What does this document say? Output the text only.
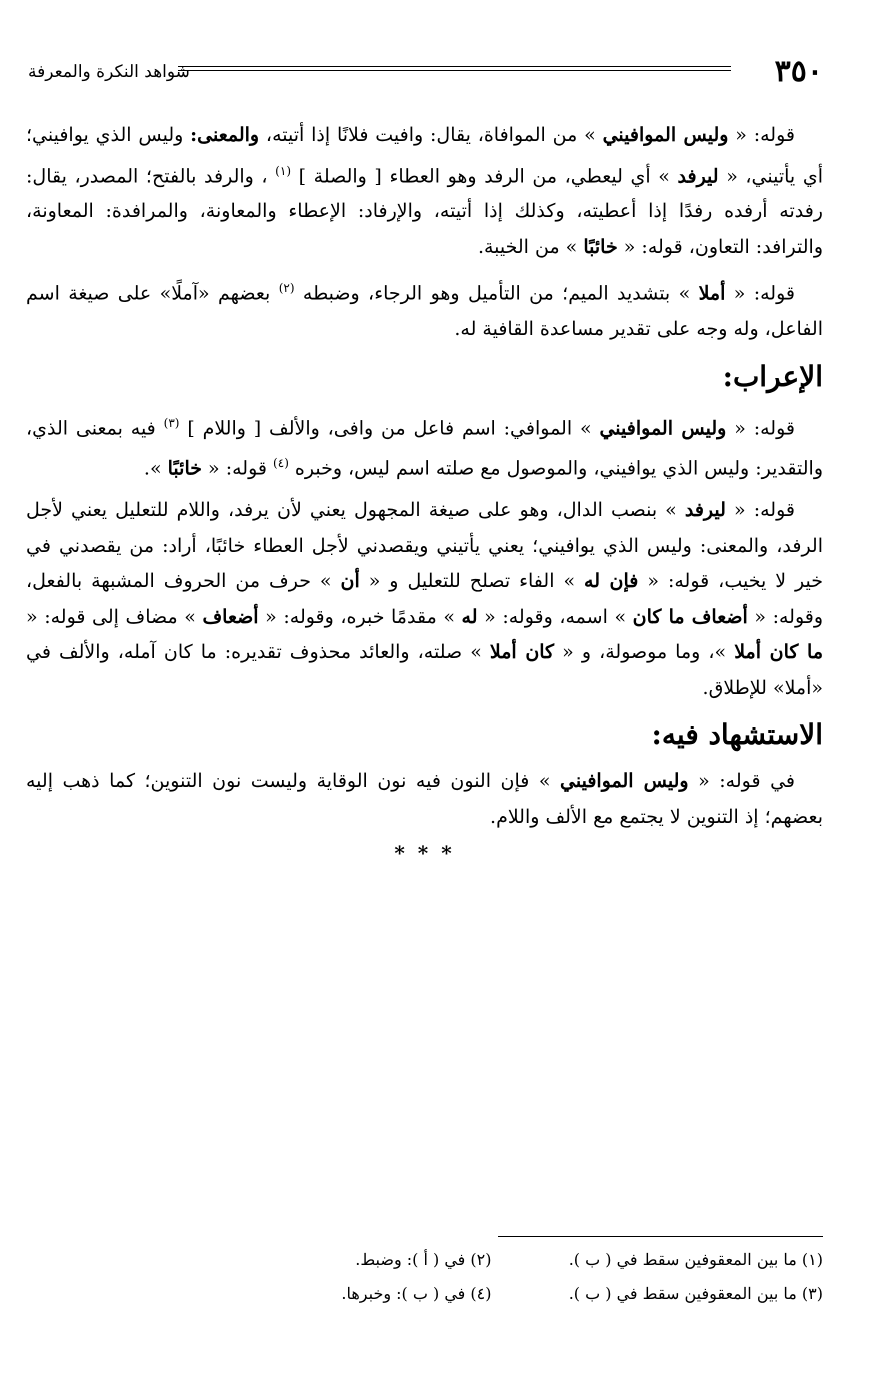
٣٥٠
شواهد النكرة والمعرفة

قوله: « وليس الموافيني » من الموافاة، يقال: وافيت فلانًا إذا أتيته، والمعنى: وليس الذي يوافيني؛ أي يأتيني، « ليرفد » أي ليعطي، من الرفد وهو العطاء [ والصلة ] $^{(١)}$ ، والرفد بالفتح؛ المصدر، يقال: رفدته أرفده رفدًا إذا أعطيته، وكذلك إذا أتيته، والإرفاد: الإعطاء والمعاونة، والمرافدة: المعاونة، والترافد: التعاون، قوله: « خائبًا » من الخيبة.

قوله: « أملا » بتشديد الميم؛ من التأميل وهو الرجاء، وضبطه $^{(٢)}$ بعضهم «آملًا» على صيغة اسم الفاعل، وله وجه على تقدير مساعدة القافية له.

الإعراب:

قوله: « وليس الموافيني » الموافي: اسم فاعل من وافى، والألف [ واللام ] $^{(٣)}$ فيه بمعنى الذي، والتقدير: وليس الذي يوافيني، والموصول مع صلته اسم ليس، وخبره $^{(٤)}$ قوله: « خائبًا ».

قوله: « ليرفد » بنصب الدال، وهو على صيغة المجهول يعني لأن يرفد، واللام للتعليل يعني لأجل الرفد، والمعنى: وليس الذي يوافيني؛ يعني يأتيني ويقصدني لأجل العطاء خائبًا، أراد: من يقصدني في خير لا يخيب، قوله: « فإن له » الفاء تصلح للتعليل و « أن » حرف من الحروف المشبهة بالفعل، وقوله: « أضعاف ما كان » اسمه، وقوله: « له » مقدمًا خبره، وقوله: « أضعاف » مضاف إلى قوله: « ما كان أملا »، وما موصولة، و « كان أملا » صلته، والعائد محذوف تقديره: ما كان آمله، والألف في «أملا» للإطلاق.

الاستشهاد فيه:

في قوله: « وليس الموافيني » فإن النون فيه نون الوقاية وليست نون التنوين؛ كما ذهب إليه بعضهم؛ إذ التنوين لا يجتمع مع الألف واللام.

* * *
(١) ما بين المعقوفين سقط في ( ب ).
(٢) في ( أ ): وضبط.
(٣) ما بين المعقوفين سقط في ( ب ).
(٤) في ( ب ): وخبرها.
